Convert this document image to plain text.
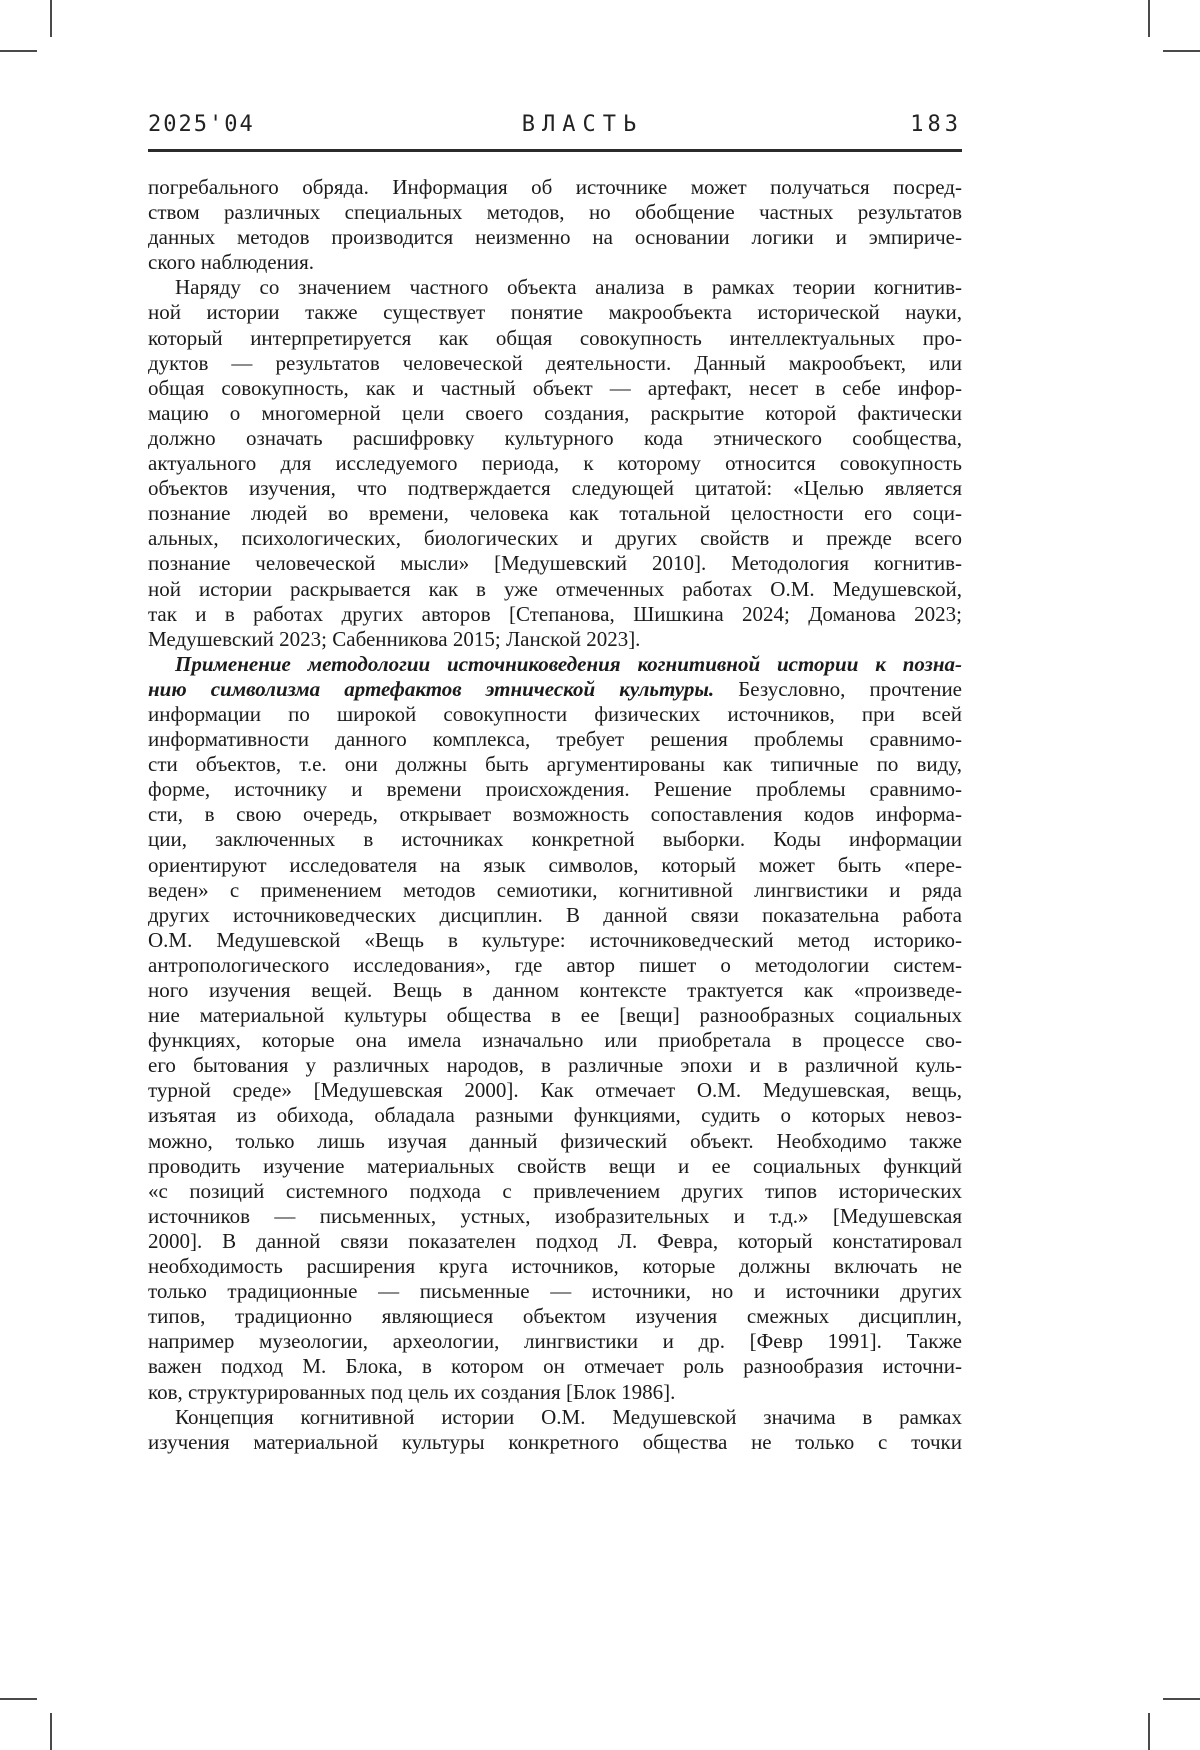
2025'04	ВЛАСТЬ	183
погребального обряда. Информация об источнике может получаться посред-
ством различных специальных методов, но обобщение частных результатов
данных методов производится неизменно на основании логики и эмпириче-
ского наблюдения.
Наряду со значением частного объекта анализа в рамках теории когнитив-
ной истории также существует понятие макрообъекта исторической науки,
который интерпретируется как общая совокупность интеллектуальных про-
дуктов — результатов человеческой деятельности. Данный макрообъект, или
общая совокупность, как и частный объект — артефакт, несет в себе инфор-
мацию о многомерной цели своего создания, раскрытие которой фактически
должно означать расшифровку культурного кода этнического сообщества,
актуального для исследуемого периода, к которому относится совокупность
объектов изучения, что подтверждается следующей цитатой: «Целью является
познание людей во времени, человека как тотальной целостности его соци-
альных, психологических, биологических и других свойств и прежде всего
познание человеческой мысли» [Медушевский 2010]. Методология когнитив-
ной истории раскрывается как в уже отмеченных работах О.М. Медушевской,
так и в работах других авторов [Степанова, Шишкина 2024; Доманова 2023;
Медушевский 2023; Сабенникова 2015; Ланской 2023].
Применение методологии источниковедения когнитивной истории к позна-
нию символизма артефактов этнической культуры. Безусловно, прочтение
информации по широкой совокупности физических источников, при всей
информативности данного комплекса, требует решения проблемы сравнимо-
сти объектов, т.е. они должны быть аргументированы как типичные по виду,
форме, источнику и времени происхождения. Решение проблемы сравнимо-
сти, в свою очередь, открывает возможность сопоставления кодов информа-
ции, заключенных в источниках конкретной выборки. Коды информации
ориентируют исследователя на язык символов, который может быть «пере-
веден» с применением методов семиотики, когнитивной лингвистики и ряда
других источниковедческих дисциплин. В данной связи показательна работа
О.М. Медушевской «Вещь в культуре: источниковедческий метод историко-
антропологического исследования», где автор пишет о методологии систем-
ного изучения вещей. Вещь в данном контексте трактуется как «произведе-
ние материальной культуры общества в ее [вещи] разнообразных социальных
функциях, которые она имела изначально или приобретала в процессе сво-
его бытования у различных народов, в различные эпохи и в различной куль-
турной среде» [Медушевская 2000]. Как отмечает О.М. Медушевская, вещь,
изъятая из обихода, обладала разными функциями, судить о которых невоз-
можно, только лишь изучая данный физический объект. Необходимо также
проводить изучение материальных свойств вещи и ее социальных функций
«с позиций системного подхода с привлечением других типов исторических
источников — письменных, устных, изобразительных и т.д.» [Медушевская
2000]. В данной связи показателен подход Л. Февра, который констатировал
необходимость расширения круга источников, которые должны включать не
только традиционные — письменные — источники, но и источники других
типов, традиционно являющиеся объектом изучения смежных дисциплин,
например музеологии, археологии, лингвистики и др. [Февр 1991]. Также
важен подход М. Блока, в котором он отмечает роль разнообразия источни-
ков, структурированных под цель их создания [Блок 1986].
Концепция когнитивной истории О.М. Медушевской значима в рамках
изучения материальной культуры конкретного общества не только с точки
